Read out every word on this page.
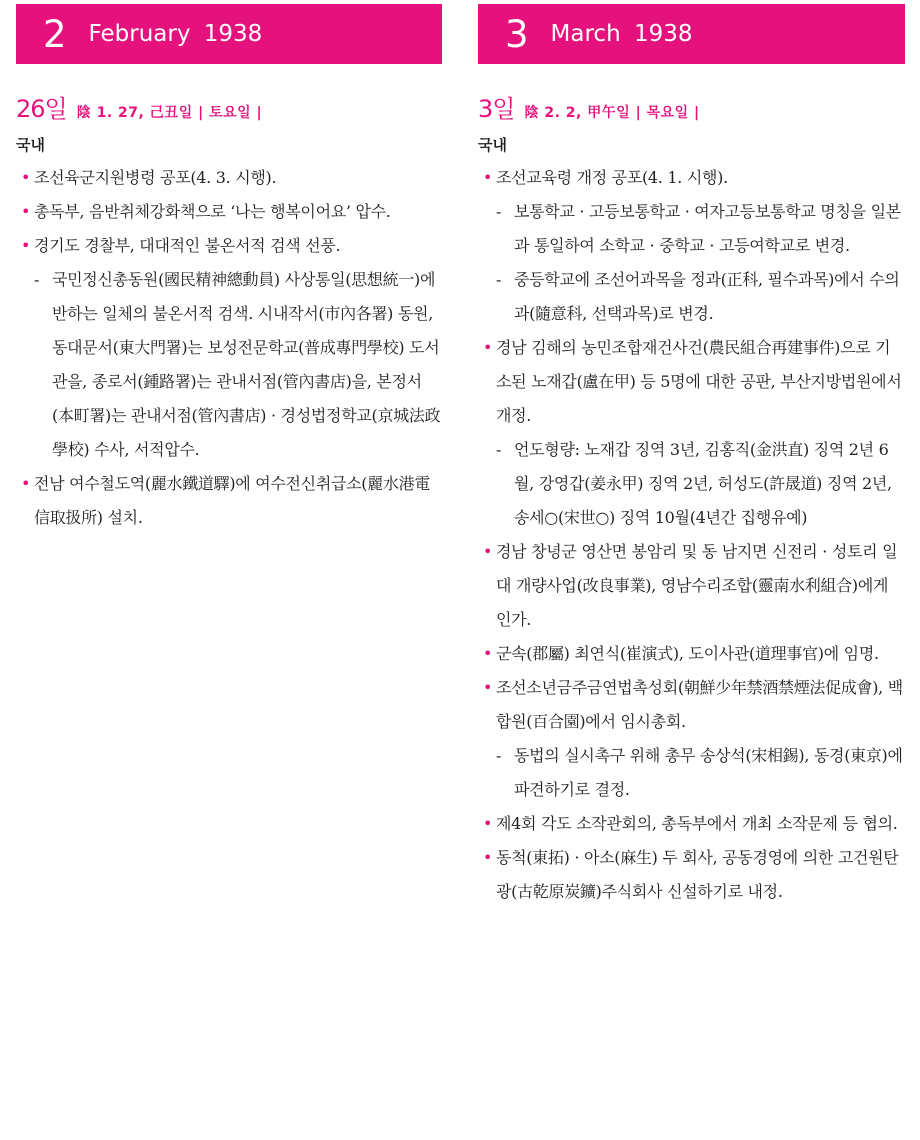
2 February 1938
26일 陰 1. 27, 己丑일 | 토요일 |
국내
• 조선육군지원병령 공포(4. 3. 시행).
• 총독부, 음반취체강화책으로 ‘나는 행복이어요’ 압수.
• 경기도 경찰부, 대대적인 불온서적 검색 선풍.
- 국민정신총동원(國民精神總動員) 사상통일(思想統一)에 반하는 일체의 불온서적 검색. 시내작서(市內各署) 동원, 동대문서(東大門署)는 보성전문학교(普成專門學校) 도서관을, 종로서(鍾路署)는 관내서점(管內書店)을, 본정서(本町署)는 관내서점(管內書店) · 경성법정학교(京城法政學校) 수사, 서적압수.
• 전남 여수철도역(麗水鐵道驛)에 여수전신취급소(麗水港電信取扱所) 설치.
3 March 1938
3일 陰 2. 2, 甲午일 | 목요일 |
국내
• 조선교육령 개정 공포(4. 1. 시행).
- 보통학교 · 고등보통학교 · 여자고등보통학교 명칭을 일본과 통일하여 소학교 · 중학교 · 고등여학교로 변경.
- 중등학교에 조선어과목을 정과(正科, 필수과목)에서 수의과(隨意科, 선택과목)로 변경.
• 경남 김해의 농민조합재건사건(農民組合再建事件)으로 기소된 노재갑(盧在甲) 등 5명에 대한 공판, 부산지방법원에서 개정.
- 언도형량: 노재갑 징역 3년, 김홍직(金洪直) 징역 2년 6월, 강영갑(姜永甲) 징역 2년, 허성도(許晟道) 징역 2년, 송세○(宋世○) 징역 10월(4년간 집행유예)
• 경남 창녕군 영산면 봉암리 및 동 남지면 신전리 · 성토리 일대 개량사업(改良事業), 영남수리조합(靈南水利組合)에게 인가.
• 군속(郡屬) 최연식(崔演式), 도이사관(道理事官)에 임명.
• 조선소년금주금연법촉성회(朝鮮少年禁酒禁煙法促成會), 백합원(百合園)에서 임시총회.
- 동법의 실시촉구 위해 총무 송상석(宋相錫), 동경(東京)에 파견하기로 결정.
• 제4회 각도 소작관회의, 총독부에서 개최 소작문제 등 협의.
• 동척(東拓) · 아소(麻生) 두 회사, 공동경영에 의한 고건원탄광(古乾原炭鑛)주식회사 신설하기로 내정.
